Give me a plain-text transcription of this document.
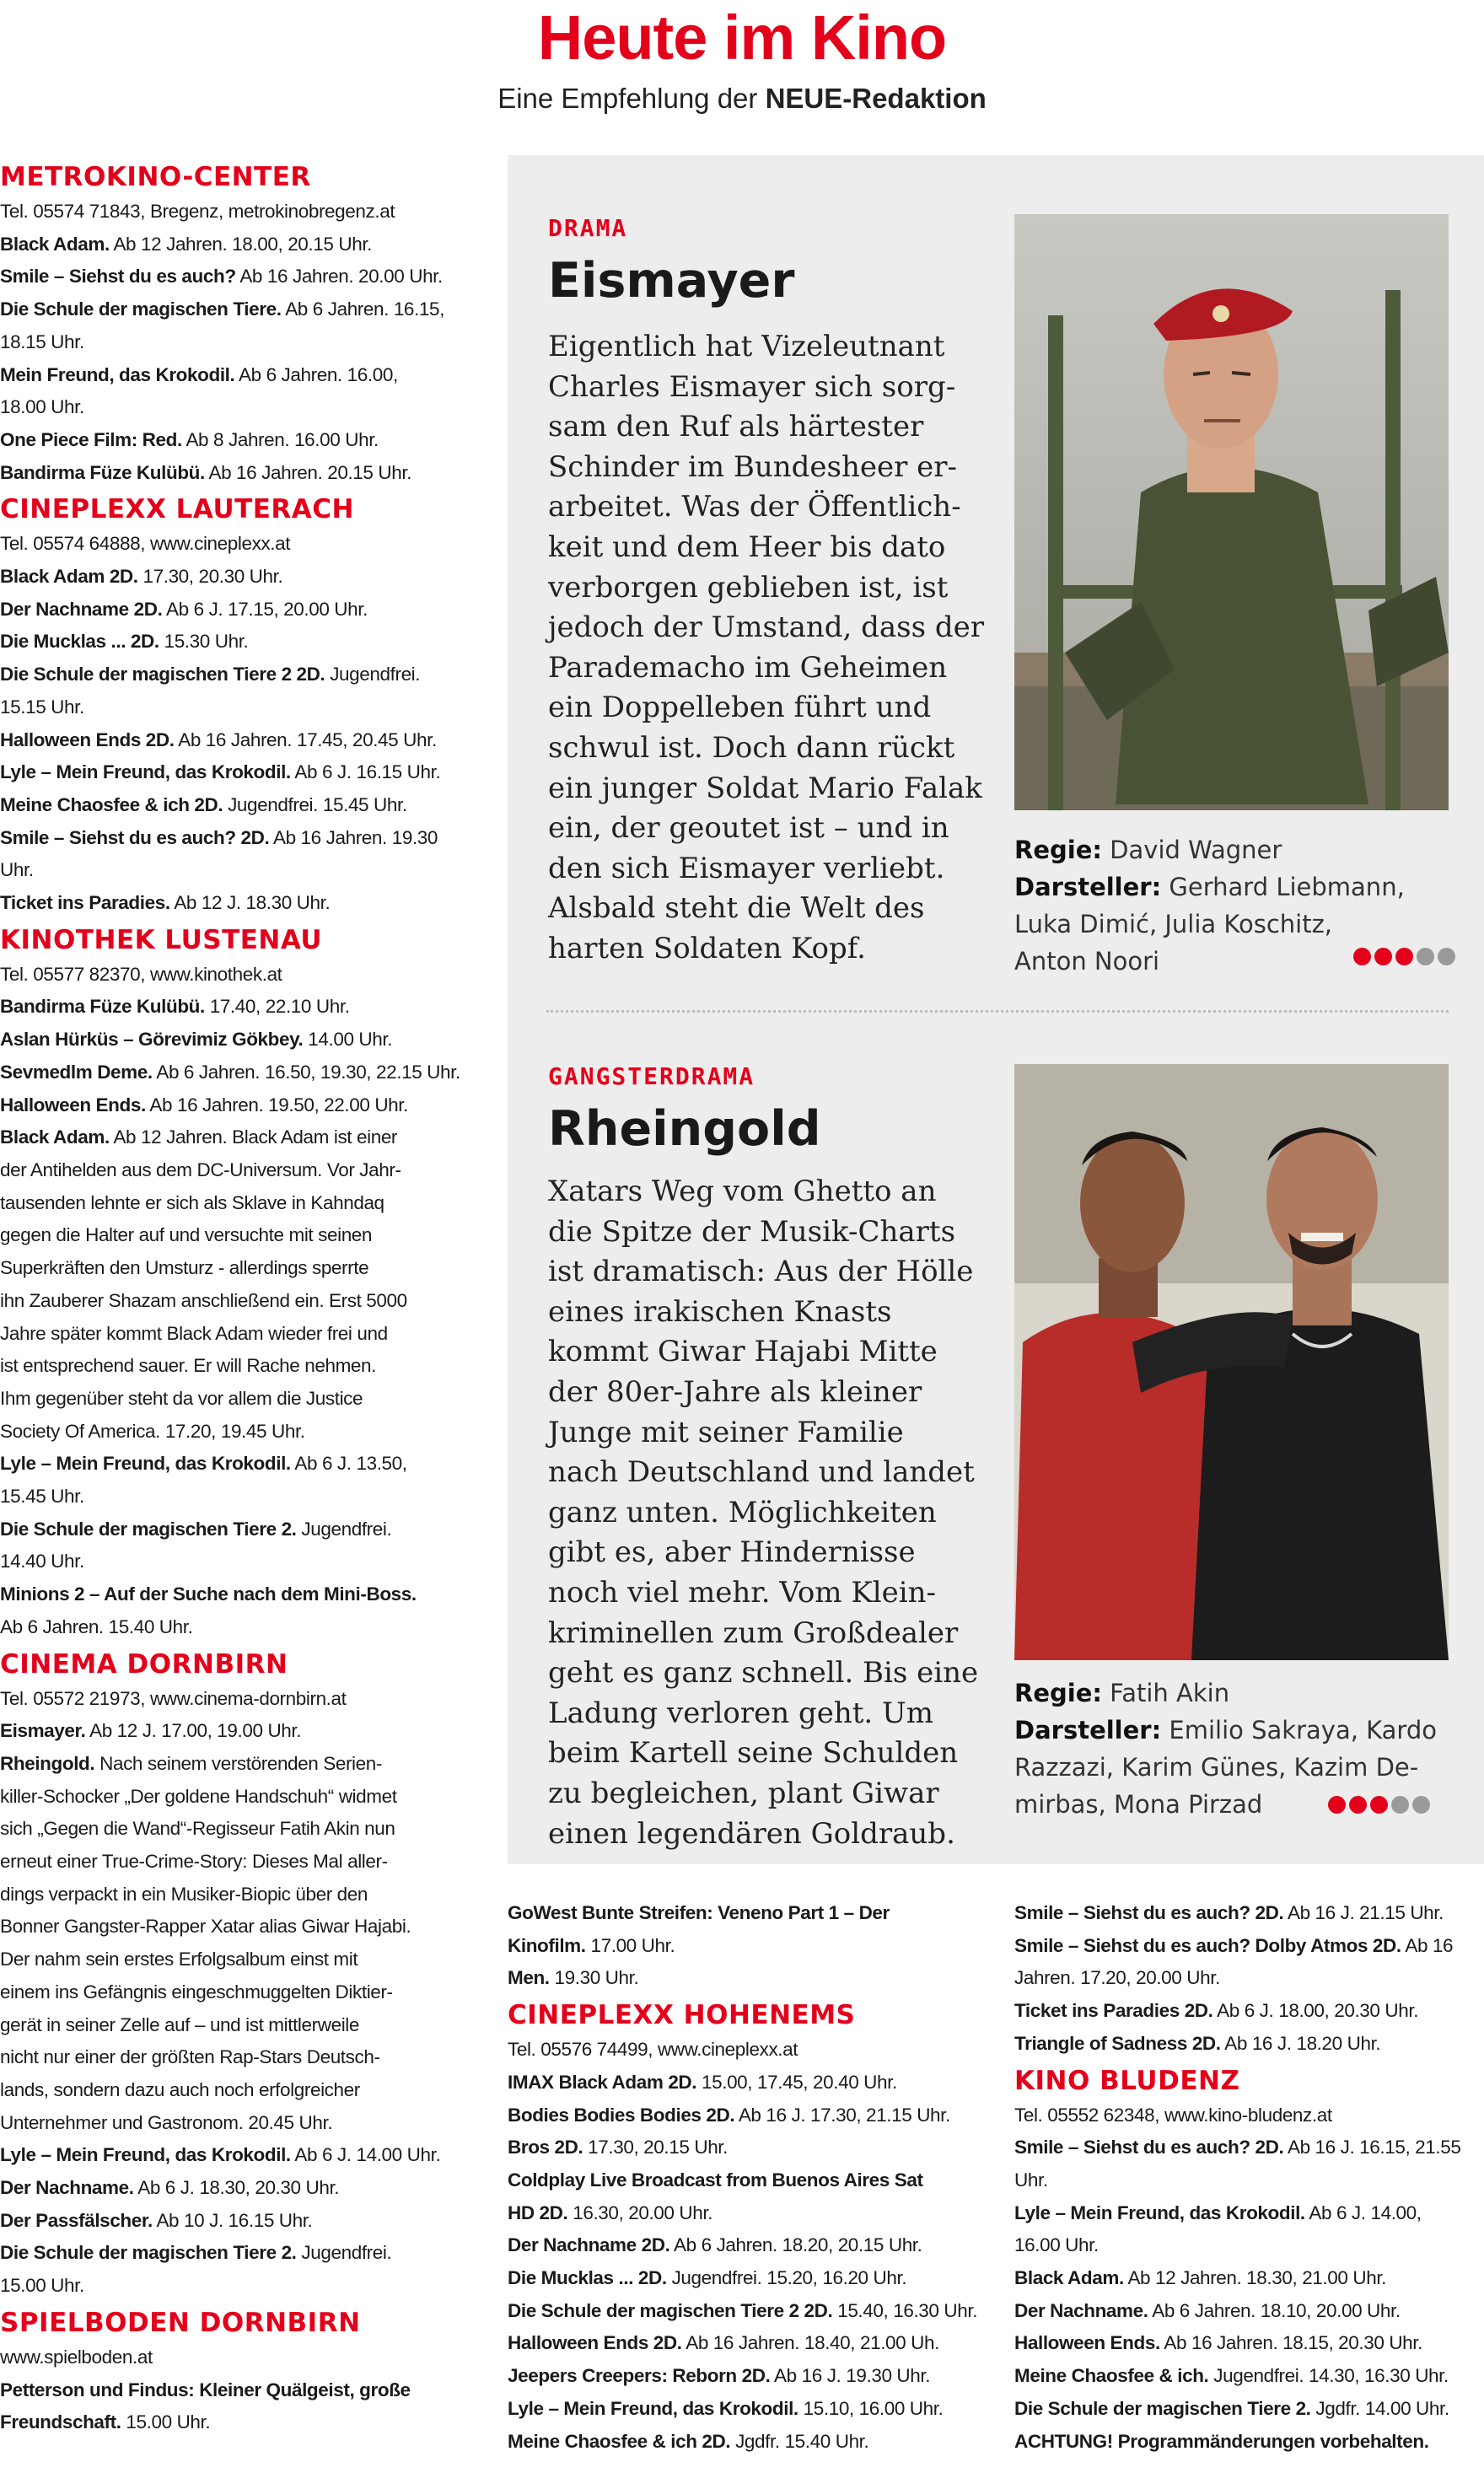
Heute im Kino
Eine Empfehlung der NEUE-Redaktion

METROKINO-CENTER

Tel. 05574 71843, Bregenz, metrokinobregenz.at

Black Adam. Ab 12 Jahren. 18.00, 20.15 Uhr.

Smile – Siehst du es auch? Ab 16 Jahren. 20.00 Uhr.

Die Schule der magischen Tiere. Ab 6 Jahren. 16.15,

18.15 Uhr.

Mein Freund, das Krokodil. Ab 6 Jahren. 16.00,

18.00 Uhr.

One Piece Film: Red. Ab 8 Jahren. 16.00 Uhr.

Bandirma Füze Kulübü. Ab 16 Jahren. 20.15 Uhr.

CINEPLEXX LAUTERACH

Tel. 05574 64888, www.cineplexx.at

Black Adam 2D. 17.30, 20.30 Uhr.

Der Nachname 2D. Ab 6 J. 17.15, 20.00 Uhr.

Die Mucklas ... 2D. 15.30 Uhr.

Die Schule der magischen Tiere 2 2D. Jugendfrei.

15.15 Uhr.

Halloween Ends 2D. Ab 16 Jahren. 17.45, 20.45 Uhr.

Lyle – Mein Freund, das Krokodil. Ab 6 J. 16.15 Uhr.

Meine Chaosfee & ich 2D. Jugendfrei. 15.45 Uhr.

Smile – Siehst du es auch? 2D. Ab 16 Jahren. 19.30

Uhr.

Ticket ins Paradies. Ab 12 J. 18.30 Uhr.

KINOTHEK LUSTENAU

Tel. 05577 82370, www.kinothek.at

Bandirma Füze Kulübü. 17.40, 22.10 Uhr.

Aslan Hürküs – Görevimiz Gökbey. 14.00 Uhr.

Sevmedlm Deme. Ab 6 Jahren. 16.50, 19.30, 22.15 Uhr.

Halloween Ends. Ab 16 Jahren. 19.50, 22.00 Uhr.

Black Adam. Ab 12 Jahren. Black Adam ist einer

der Antihelden aus dem DC-Universum. Vor Jahr-

tausenden lehnte er sich als Sklave in Kahndaq

gegen die Halter auf und versuchte mit seinen

Superkräften den Umsturz - allerdings sperrte

ihn Zauberer Shazam anschließend ein. Erst 5000

Jahre später kommt Black Adam wieder frei und

ist entsprechend sauer. Er will Rache nehmen.

Ihm gegenüber steht da vor allem die Justice

Society Of America. 17.20, 19.45 Uhr.

Lyle – Mein Freund, das Krokodil. Ab 6 J. 13.50,

15.45 Uhr.

Die Schule der magischen Tiere 2. Jugendfrei.

14.40 Uhr.

Minions 2 – Auf der Suche nach dem Mini-Boss.

Ab 6 Jahren. 15.40 Uhr.

CINEMA DORNBIRN

Tel. 05572 21973, www.cinema-dornbirn.at

Eismayer. Ab 12 J. 17.00, 19.00 Uhr.

Rheingold. Nach seinem verstörenden Serien-

killer-Schocker „Der goldene Handschuh“ widmet

sich „Gegen die Wand“-Regisseur Fatih Akin nun

erneut einer True-Crime-Story: Dieses Mal aller-

dings verpackt in ein Musiker-Biopic über den

Bonner Gangster-Rapper Xatar alias Giwar Hajabi.

Der nahm sein erstes Erfolgsalbum einst mit

einem ins Gefängnis eingeschmuggelten Diktier-

gerät in seiner Zelle auf – und ist mittlerweile

nicht nur einer der größten Rap-Stars Deutsch-

lands, sondern dazu auch noch erfolgreicher

Unternehmer und Gastronom. 20.45 Uhr.

Lyle – Mein Freund, das Krokodil. Ab 6 J. 14.00 Uhr.

Der Nachname. Ab 6 J. 18.30, 20.30 Uhr.

Der Passfälscher. Ab 10 J. 16.15 Uhr.

Die Schule der magischen Tiere 2. Jugendfrei.

15.00 Uhr.

SPIELBODEN DORNBIRN

www.spielboden.at

Petterson und Findus: Kleiner Quälgeist, große

Freundschaft. 15.00 Uhr.

DRAMA
Eismayer
Eigentlich hat Vizeleutnant
Charles Eismayer sich sorg-
sam den Ruf als härtester
Schinder im Bundesheer er-
arbeitet. Was der Öffentlich-
keit und dem Heer bis dato
verborgen geblieben ist, ist
jedoch der Umstand, dass der
Parademacho im Geheimen
ein Doppelleben führt und
schwul ist. Doch dann rückt
ein junger Soldat Mario Falak
ein, der geoutet ist – und in
den sich Eismayer verliebt.
Alsbald steht die Welt des
harten Soldaten Kopf.
Regie: David Wagner
Darsteller: Gerhard Liebmann,
Luka Dimić, Julia Koschitz,
Anton Noori
GANGSTERDRAMA
Rheingold
Xatars Weg vom Ghetto an
die Spitze der Musik-Charts
ist dramatisch: Aus der Hölle
eines irakischen Knasts
kommt Giwar Hajabi Mitte
der 80er-Jahre als kleiner
Junge mit seiner Familie
nach Deutschland und landet
ganz unten. Möglichkeiten
gibt es, aber Hindernisse
noch viel mehr. Vom Klein-
kriminellen zum Großdealer
geht es ganz schnell. Bis eine
Ladung verloren geht. Um
beim Kartell seine Schulden
zu begleichen, plant Giwar
einen legendären Goldraub.
Regie: Fatih Akin
Darsteller: Emilio Sakraya, Kardo
Razzazi, Karim Günes, Kazim De-
mirbas, Mona Pirzad

GoWest Bunte Streifen: Veneno Part 1 – Der

Kinofilm. 17.00 Uhr.

Men. 19.30 Uhr.

CINEPLEXX HOHENEMS

Tel. 05576 74499, www.cineplexx.at

IMAX Black Adam 2D. 15.00, 17.45, 20.40 Uhr.

Bodies Bodies Bodies 2D. Ab 16 J. 17.30, 21.15 Uhr.

Bros 2D. 17.30, 20.15 Uhr.

Coldplay Live Broadcast from Buenos Aires Sat

HD 2D. 16.30, 20.00 Uhr.

Der Nachname 2D. Ab 6 Jahren. 18.20, 20.15 Uhr.

Die Mucklas ... 2D. Jugendfrei. 15.20, 16.20 Uhr.

Die Schule der magischen Tiere 2 2D. 15.40, 16.30 Uhr.

Halloween Ends 2D. Ab 16 Jahren. 18.40, 21.00 Uh.

Jeepers Creepers: Reborn 2D. Ab 16 J. 19.30 Uhr.

Lyle – Mein Freund, das Krokodil. 15.10, 16.00 Uhr.

Meine Chaosfee & ich 2D. Jgdfr. 15.40 Uhr.

Smile – Siehst du es auch? 2D. Ab 16 J. 21.15 Uhr.

Smile – Siehst du es auch? Dolby Atmos 2D. Ab 16

Jahren. 17.20, 20.00 Uhr.

Ticket ins Paradies 2D. Ab 6 J. 18.00, 20.30 Uhr.

Triangle of Sadness 2D. Ab 16 J. 18.20 Uhr.

KINO BLUDENZ

Tel. 05552 62348, www.kino-bludenz.at

Smile – Siehst du es auch? 2D. Ab 16 J. 16.15, 21.55 Uhr.

Lyle – Mein Freund, das Krokodil. Ab 6 J. 14.00,

16.00 Uhr.

Black Adam. Ab 12 Jahren. 18.30, 21.00 Uhr.

Der Nachname. Ab 6 Jahren. 18.10, 20.00 Uhr.

Halloween Ends. Ab 16 Jahren. 18.15, 20.30 Uhr.

Meine Chaosfee & ich. Jugendfrei. 14.30, 16.30 Uhr.

Die Schule der magischen Tiere 2. Jgdfr. 14.00 Uhr.

ACHTUNG! Programmänderungen vorbehalten.
